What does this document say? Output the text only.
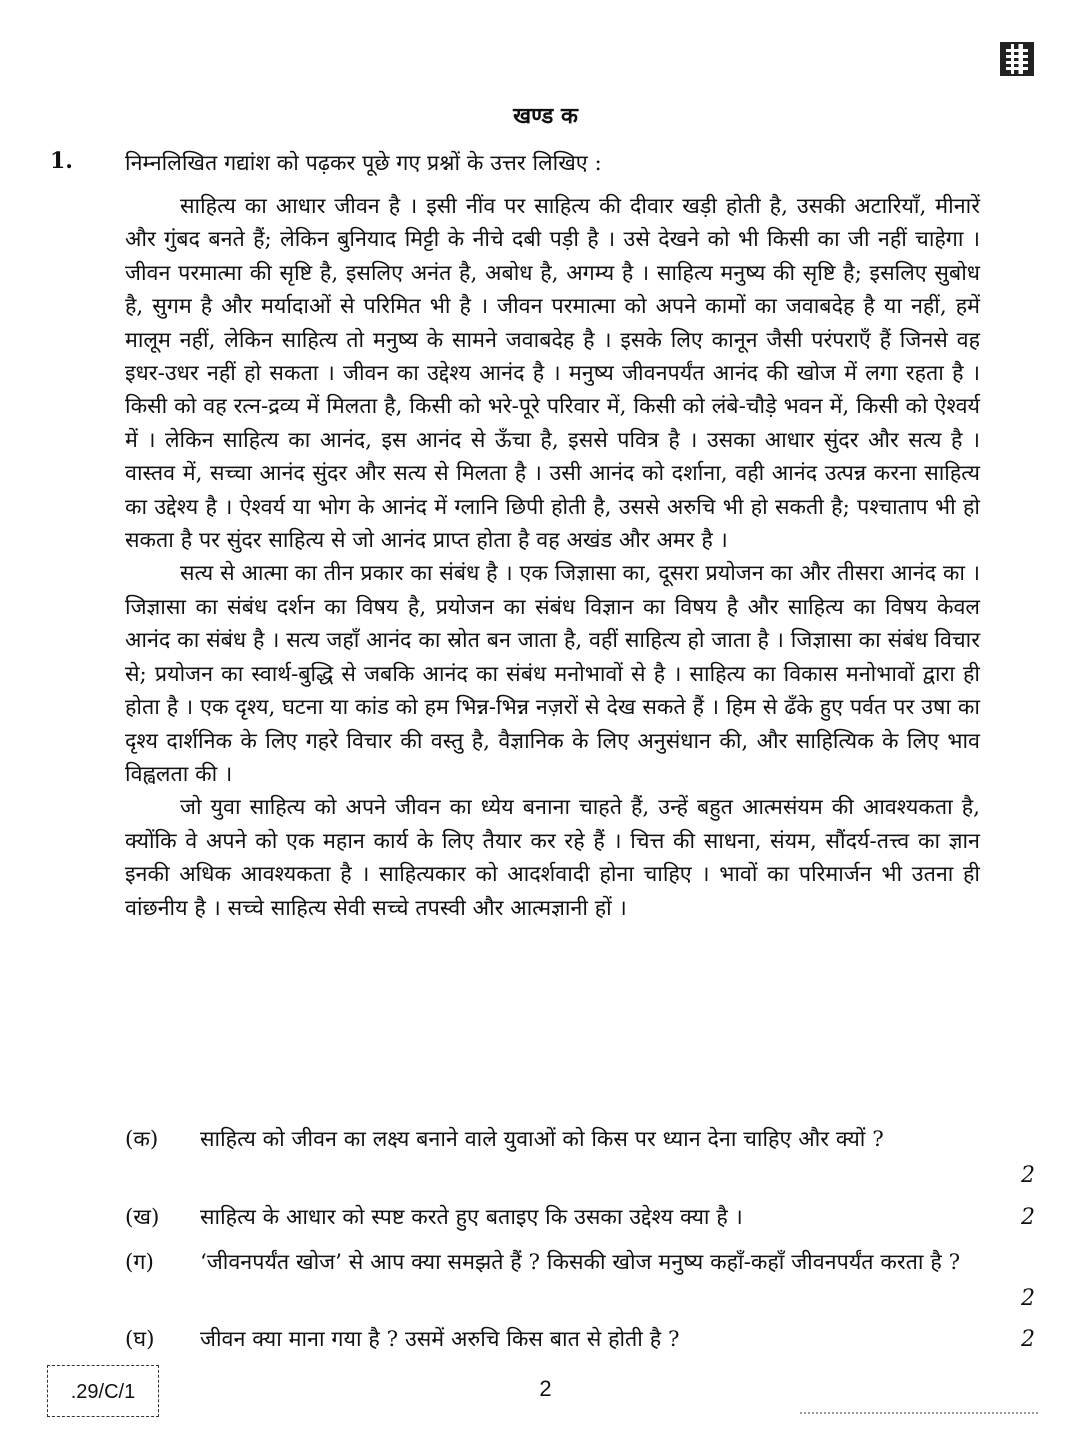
खण्ड क
1. निम्नलिखित गद्यांश को पढ़कर पूछे गए प्रश्नों के उत्तर लिखिए :

साहित्य का आधार जीवन है । इसी नींव पर साहित्य की दीवार खड़ी होती है, उसकी अटारियाँ, मीनारें और गुंबद बनते हैं; लेकिन बुनियाद मिट्टी के नीचे दबी पड़ी है । उसे देखने को भी किसी का जी नहीं चाहेगा । जीवन परमात्मा की सृष्टि है, इसलिए अनंत है, अबोध है, अगम्य है । साहित्य मनुष्य की सृष्टि है; इसलिए सुबोध है, सुगम है और मर्यादाओं से परिमित भी है । जीवन परमात्मा को अपने कामों का जवाबदेह है या नहीं, हमें मालूम नहीं, लेकिन साहित्य तो मनुष्य के सामने जवाबदेह है । इसके लिए कानून जैसी परंपराएँ हैं जिनसे वह इधर-उधर नहीं हो सकता । जीवन का उद्देश्य आनंद है । मनुष्य जीवनपर्यंत आनंद की खोज में लगा रहता है । किसी को वह रत्न-द्रव्य में मिलता है, किसी को भरे-पूरे परिवार में, किसी को लंबे-चौड़े भवन में, किसी को ऐश्वर्य में । लेकिन साहित्य का आनंद, इस आनंद से ऊँचा है, इससे पवित्र है । उसका आधार सुंदर और सत्य है । वास्तव में, सच्चा आनंद सुंदर और सत्य से मिलता है । उसी आनंद को दर्शाना, वही आनंद उत्पन्न करना साहित्य का उद्देश्य है । ऐश्वर्य या भोग के आनंद में ग्लानि छिपी होती है, उससे अरुचि भी हो सकती है; पश्चाताप भी हो सकता है पर सुंदर साहित्य से जो आनंद प्राप्त होता है वह अखंड और अमर है ।

सत्य से आत्मा का तीन प्रकार का संबंध है । एक जिज्ञासा का, दूसरा प्रयोजन का और तीसरा आनंद का । जिज्ञासा का संबंध दर्शन का विषय है, प्रयोजन का संबंध विज्ञान का विषय है और साहित्य का विषय केवल आनंद का संबंध है । सत्य जहाँ आनंद का स्रोत बन जाता है, वहीं साहित्य हो जाता है । जिज्ञासा का संबंध विचार से; प्रयोजन का स्वार्थ-बुद्धि से जबकि आनंद का संबंध मनोभावों से है । साहित्य का विकास मनोभावों द्वारा ही होता है । एक दृश्य, घटना या कांड को हम भिन्न-भिन्न नज़रों से देख सकते हैं । हिम से ढँके हुए पर्वत पर उषा का दृश्य दार्शनिक के लिए गहरे विचार की वस्तु है, वैज्ञानिक के लिए अनुसंधान की, और साहित्यिक के लिए भाव विह्वलता की ।

जो युवा साहित्य को अपने जीवन का ध्येय बनाना चाहते हैं, उन्हें बहुत आत्मसंयम की आवश्यकता है, क्योंकि वे अपने को एक महान कार्य के लिए तैयार कर रहे हैं । चित्त की साधना, संयम, सौंदर्य-तत्त्व का ज्ञान इनकी अधिक आवश्यकता है । साहित्यकार को आदर्शवादी होना चाहिए । भावों का परिमार्जन भी उतना ही वांछनीय है । सच्चे साहित्य सेवी सच्चे तपस्वी और आत्मज्ञानी हों ।

(क)	साहित्य को जीवन का लक्ष्य बनाने वाले युवाओं को किस पर ध्यान देना चाहिए और क्यों ?
2
(ख)	साहित्य के आधार को स्पष्ट करते हुए बताइए कि उसका उद्देश्य क्या है ।	2
(ग)	‘जीवनपर्यंत खोज’ से आप क्या समझते हैं ? किसकी खोज मनुष्य कहाँ-कहाँ जीवनपर्यंत करता है ?
2
(घ)	जीवन क्या माना गया है ? उसमें अरुचि किस बात से होती है ?	2
.29/C/1	2
